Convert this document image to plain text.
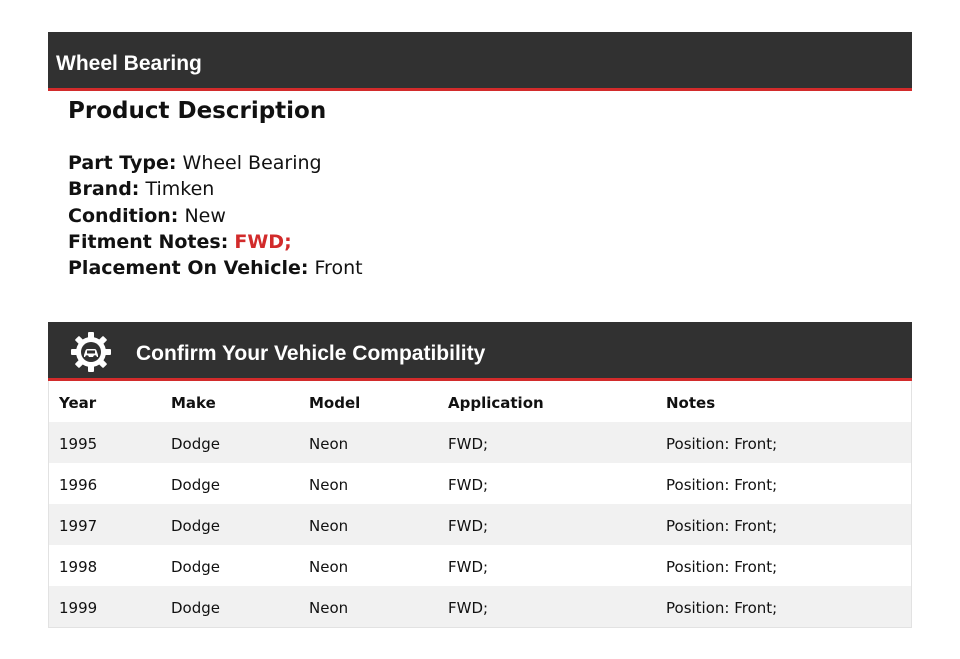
Wheel Bearing
Product Description
Part Type: Wheel Bearing
Brand: Timken
Condition: New
Fitment Notes: FWD;
Placement On Vehicle: Front
Confirm Your Vehicle Compatibility
Year	Make	Model	Application	Notes
1995	Dodge	Neon	FWD;	Position: Front;
1996	Dodge	Neon	FWD;	Position: Front;
1997	Dodge	Neon	FWD;	Position: Front;
1998	Dodge	Neon	FWD;	Position: Front;
1999	Dodge	Neon	FWD;	Position: Front;
